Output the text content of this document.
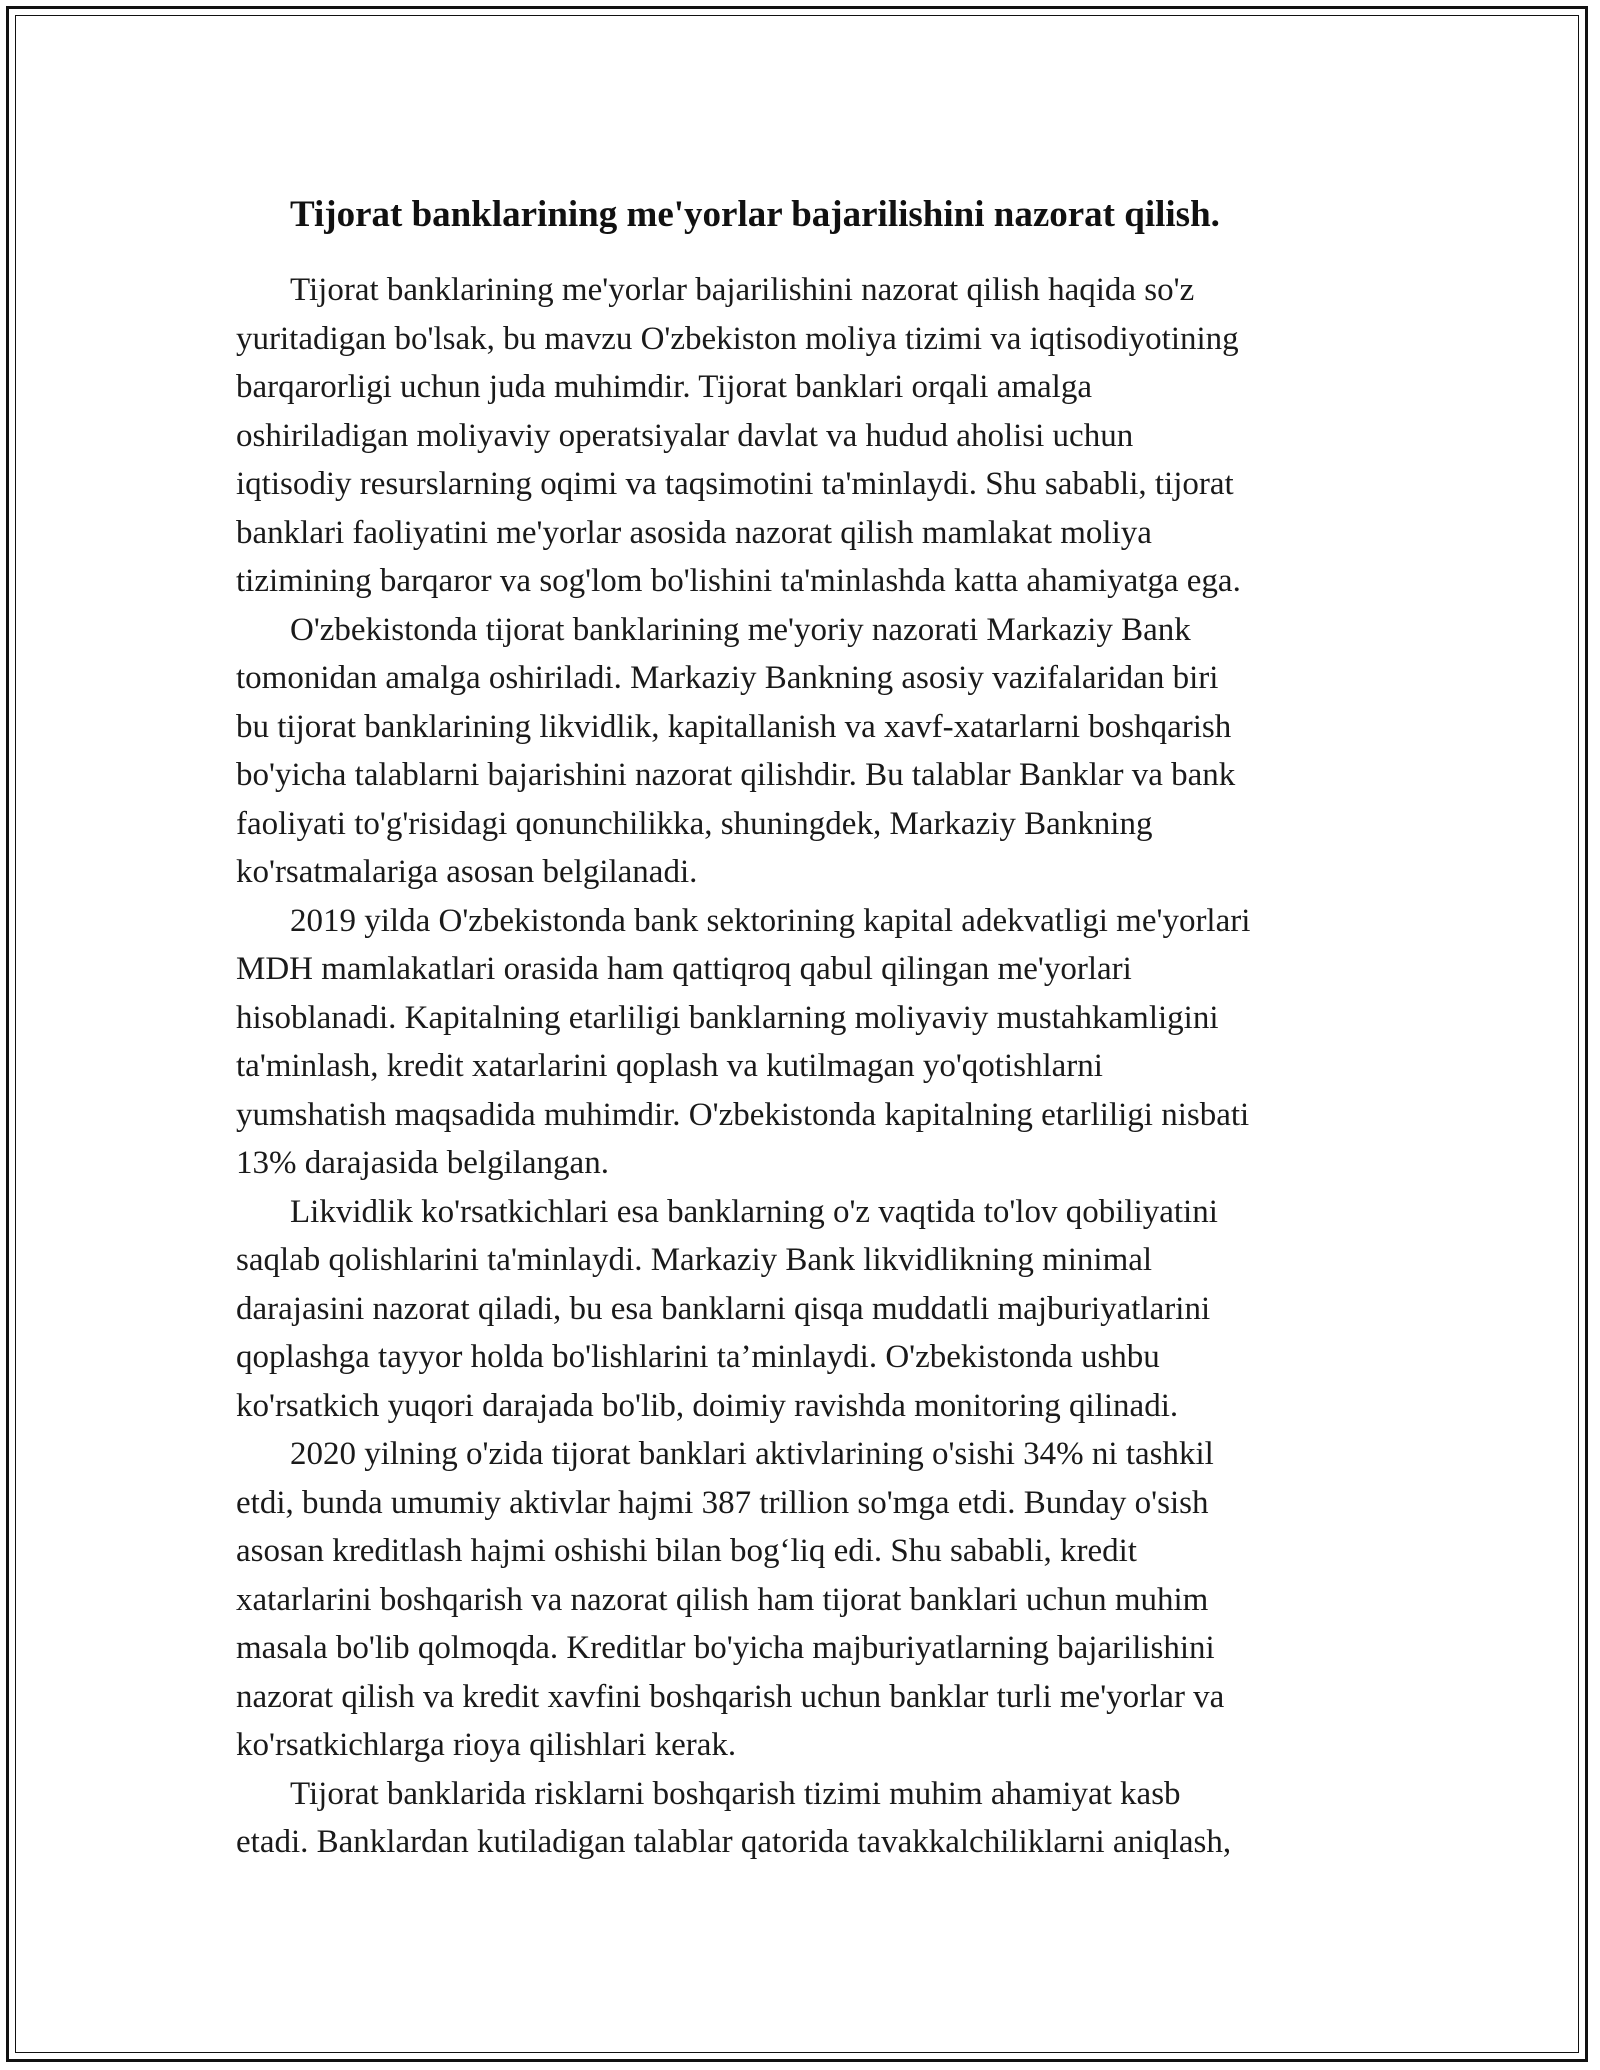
Tijorat banklarining me'yorlar bajarilishini nazorat qilish.
Tijorat banklarining me'yorlar bajarilishini nazorat qilish haqida so'z
yuritadigan bo'lsak, bu mavzu O'zbekiston moliya tizimi va iqtisodiyotining
barqarorligi uchun juda muhimdir. Tijorat banklari orqali amalga
oshiriladigan moliyaviy operatsiyalar davlat va hudud aholisi uchun
iqtisodiy resurslarning oqimi va taqsimotini ta'minlaydi. Shu sababli, tijorat
banklari faoliyatini me'yorlar asosida nazorat qilish mamlakat moliya
tizimining barqaror va sog'lom bo'lishini ta'minlashda katta ahamiyatga ega.
O'zbekistonda tijorat banklarining me'yoriy nazorati Markaziy Bank
tomonidan amalga oshiriladi. Markaziy Bankning asosiy vazifalaridan biri
bu tijorat banklarining likvidlik, kapitallanish va xavf-xatarlarni boshqarish
bo'yicha talablarni bajarishini nazorat qilishdir. Bu talablar Banklar va bank
faoliyati to'g'risidagi qonunchilikka, shuningdek, Markaziy Bankning
ko'rsatmalariga asosan belgilanadi.
2019 yilda O'zbekistonda bank sektorining kapital adekvatligi me'yorlari
MDH mamlakatlari orasida ham qattiqroq qabul qilingan me'yorlari
hisoblanadi. Kapitalning etarliligi banklarning moliyaviy mustahkamligini
ta'minlash, kredit xatarlarini qoplash va kutilmagan yo'qotishlarni
yumshatish maqsadida muhimdir. O'zbekistonda kapitalning etarliligi nisbati
13% darajasida belgilangan.
Likvidlik ko'rsatkichlari esa banklarning o'z vaqtida to'lov qobiliyatini
saqlab qolishlarini ta'minlaydi. Markaziy Bank likvidlikning minimal
darajasini nazorat qiladi, bu esa banklarni qisqa muddatli majburiyatlarini
qoplashga tayyor holda bo'lishlarini ta’minlaydi. O'zbekistonda ushbu
ko'rsatkich yuqori darajada bo'lib, doimiy ravishda monitoring qilinadi.
2020 yilning o'zida tijorat banklari aktivlarining o'sishi 34% ni tashkil
etdi, bunda umumiy aktivlar hajmi 387 trillion so'mga etdi. Bunday o'sish
asosan kreditlash hajmi oshishi bilan bog‘liq edi. Shu sababli, kredit
xatarlarini boshqarish va nazorat qilish ham tijorat banklari uchun muhim
masala bo'lib qolmoqda. Kreditlar bo'yicha majburiyatlarning bajarilishini
nazorat qilish va kredit xavfini boshqarish uchun banklar turli me'yorlar va
ko'rsatkichlarga rioya qilishlari kerak.
Tijorat banklarida risklarni boshqarish tizimi muhim ahamiyat kasb
etadi. Banklardan kutiladigan talablar qatorida tavakkalchiliklarni aniqlash,
